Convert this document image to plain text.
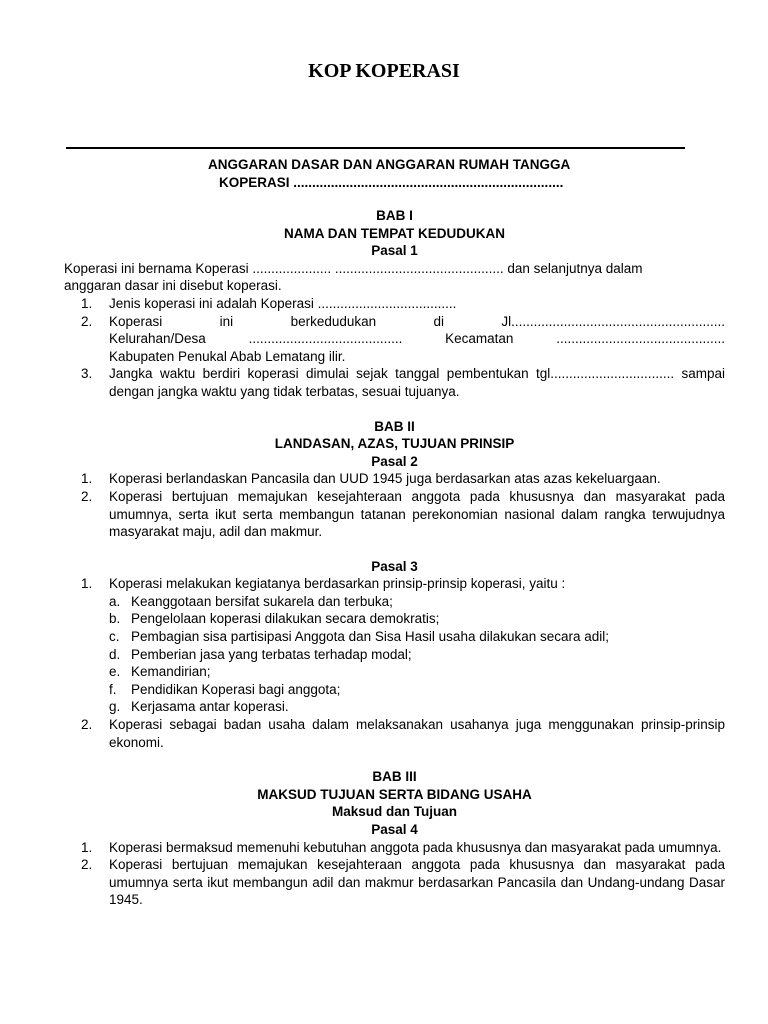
KOP KOPERASI
ANGGARAN DASAR DAN ANGGARAN RUMAH TANGGA
KOPERASI ........................................................................
BAB I
NAMA DAN TEMPAT KEDUDUKAN
Pasal 1
Koperasi ini bernama Koperasi ..................... ............................................. dan selanjutnya dalam
anggaran dasar ini disebut koperasi.
1.	Jenis koperasi ini adalah Koperasi .....................................
2.	Koperasi	ini	berkedudukan	di	Jl.........................................................
Kelurahan/Desa	.........................................	Kecamatan	.............................................
Kabupaten Penukal Abab Lematang ilir.
3.	Jangka waktu berdiri koperasi dimulai sejak tanggal pembentukan tgl................................. sampai dengan jangka waktu yang tidak terbatas, sesuai tujuanya.
BAB II
LANDASAN, AZAS, TUJUAN PRINSIP
Pasal 2
1.	Koperasi berlandaskan Pancasila dan UUD 1945 juga berdasarkan atas azas kekeluargaan.
2.	Koperasi bertujuan memajukan kesejahteraan anggota pada khususnya dan masyarakat pada umumnya, serta ikut serta membangun tatanan perekonomian nasional dalam rangka terwujudnya masyarakat maju, adil dan makmur.
Pasal 3
1.	Koperasi melakukan kegiatanya berdasarkan prinsip-prinsip koperasi, yaitu :
a. Keanggotaan bersifat sukarela dan terbuka;
b. Pengelolaan koperasi dilakukan secara demokratis;
c. Pembagian sisa partisipasi Anggota dan Sisa Hasil usaha dilakukan secara adil;
d. Pemberian jasa yang terbatas terhadap modal;
e. Kemandirian;
f.	Pendidikan Koperasi bagi anggota;
g. Kerjasama antar koperasi.
2.	Koperasi sebagai badan usaha dalam melaksanakan usahanya juga menggunakan prinsip-prinsip ekonomi.
BAB III
MAKSUD TUJUAN SERTA BIDANG USAHA
Maksud dan Tujuan
Pasal 4
1.	Koperasi bermaksud memenuhi kebutuhan anggota pada khususnya dan masyarakat pada umumnya.
2.	Koperasi bertujuan memajukan kesejahteraan anggota pada khususnya dan masyarakat pada umumnya serta ikut membangun adil dan makmur berdasarkan Pancasila dan Undang-undang Dasar 1945.
